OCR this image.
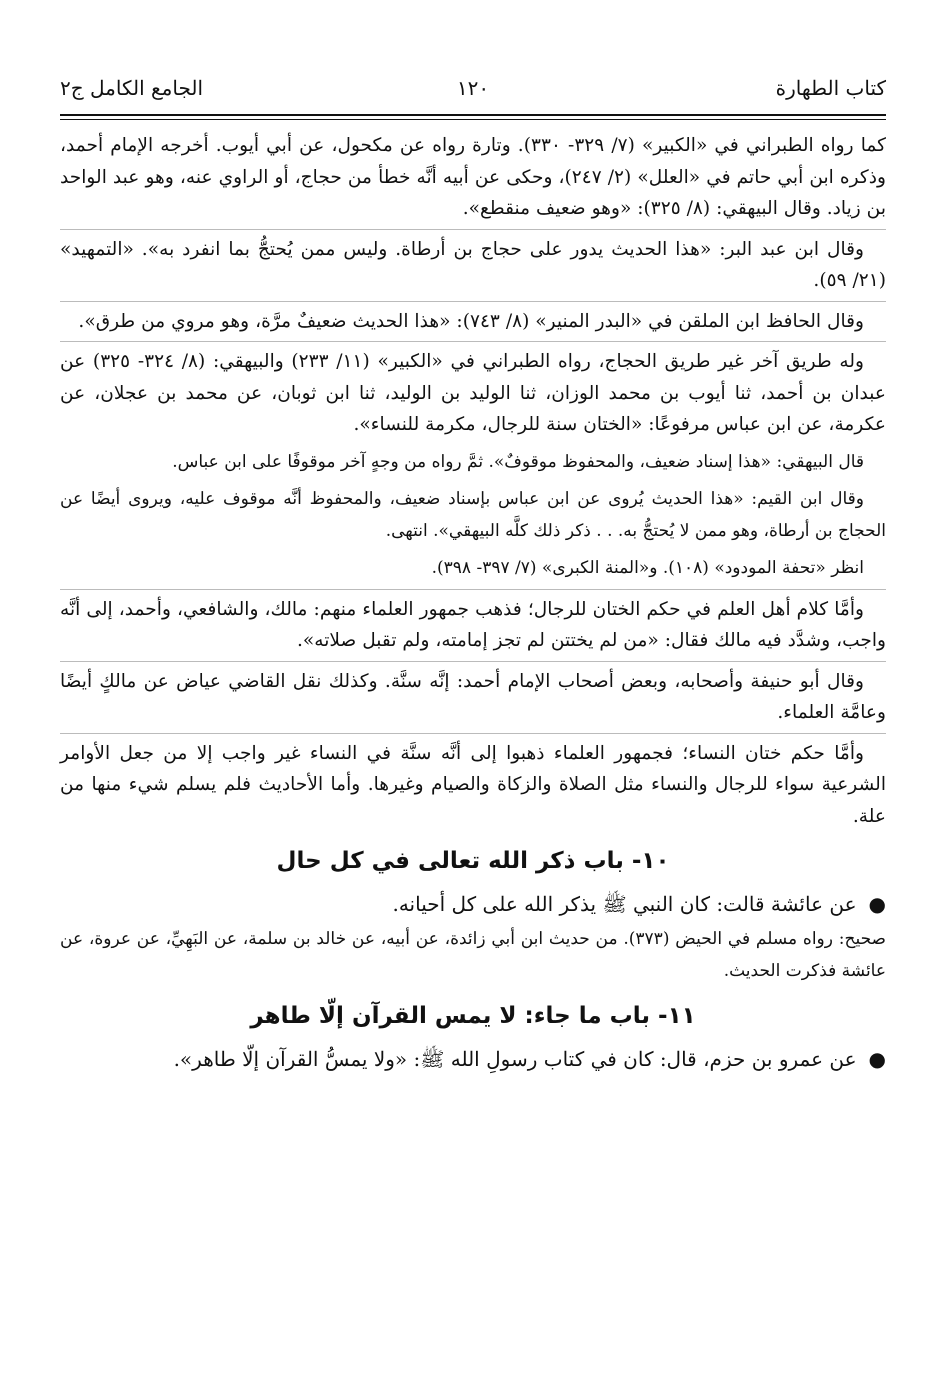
كتاب الطهارة
١٢٠
الجامع الكامل ج٢

كما رواه الطبراني في «الكبير» (٧/ ٣٢٩- ٣٣٠). وتارة رواه عن مكحول، عن أبي أيوب. أخرجه الإمام أحمد، وذكره ابن أبي حاتم في «العلل» (٢/ ٢٤٧)، وحكى عن أبيه أنَّه خطأ من حجاج، أو الراوي عنه، وهو عبد الواحد بن زياد. وقال البيهقي: (٨/ ٣٢٥): «وهو ضعيف منقطع».

وقال ابن عبد البر: «هذا الحديث يدور على حجاج بن أرطاة. وليس ممن يُحتجُّ بما انفرد به». «التمهيد» (٢١/ ٥٩).

وقال الحافظ ابن الملقن في «البدر المنير» (٨/ ٧٤٣): «هذا الحديث ضعيفٌ مرَّة، وهو مروي من طرق».

وله طريق آخر غير طريق الحجاج، رواه الطبراني في «الكبير» (١١/ ٢٣٣) والبيهقي: (٨/ ٣٢٤- ٣٢٥) عن عبدان بن أحمد، ثنا أيوب بن محمد الوزان، ثنا الوليد بن الوليد، ثنا ابن ثوبان، عن محمد بن عجلان، عن عكرمة، عن ابن عباس مرفوعًا: «الختان سنة للرجال، مكرمة للنساء».

قال البيهقي: «هذا إسناد ضعيف، والمحفوظ موقوفٌ». ثمَّ رواه من وجهٍ آخر موقوفًا على ابن عباس.

وقال ابن القيم: «هذا الحديث يُروى عن ابن عباس بإسناد ضعيف، والمحفوظ أنَّه موقوف عليه، ويروى أيضًا عن الحجاج بن أرطاة، وهو ممن لا يُحتجُّ به. . . ذكر ذلك كلَّه البيهقي». انتهى.

انظر «تحفة المودود» (١٠٨). و«المنة الكبرى» (٧/ ٣٩٧- ٣٩٨).

وأمَّا كلام أهل العلم في حكم الختان للرجال؛ فذهب جمهور العلماء منهم: مالك، والشافعي، وأحمد، إلى أنَّه واجب، وشدَّد فيه مالك فقال: «من لم يختتن لم تجز إمامته، ولم تقبل صلاته».

وقال أبو حنيفة وأصحابه، وبعض أصحاب الإمام أحمد: إنَّه سنَّة. وكذلك نقل القاضي عياض عن مالكٍ أيضًا وعامَّة العلماء.

وأمَّا حكم ختان النساء؛ فجمهور العلماء ذهبوا إلى أنَّه سنَّة في النساء غير واجب إلا من جعل الأوامر الشرعية سواء للرجال والنساء مثل الصلاة والزكاة والصيام وغيرها. وأما الأحاديث فلم يسلم شيء منها من علة.

١٠- باب ذكر الله تعالى في كل حال
●عن عائشة قالت: كان النبي ﷺ يذكر الله على كل أحيانه.

صحيح: رواه مسلم في الحيض (٣٧٣). من حديث ابن أبي زائدة، عن أبيه، عن خالد بن سلمة، عن البَهِيِّ، عن عروة، عن عائشة فذكرت الحديث.

١١- باب ما جاء: لا يمس القرآن إلّا طاهر
●عن عمرو بن حزم، قال: كان في كتاب رسولِ الله ﷺ: «ولا يمسُّ القرآن إلّا طاهر».
